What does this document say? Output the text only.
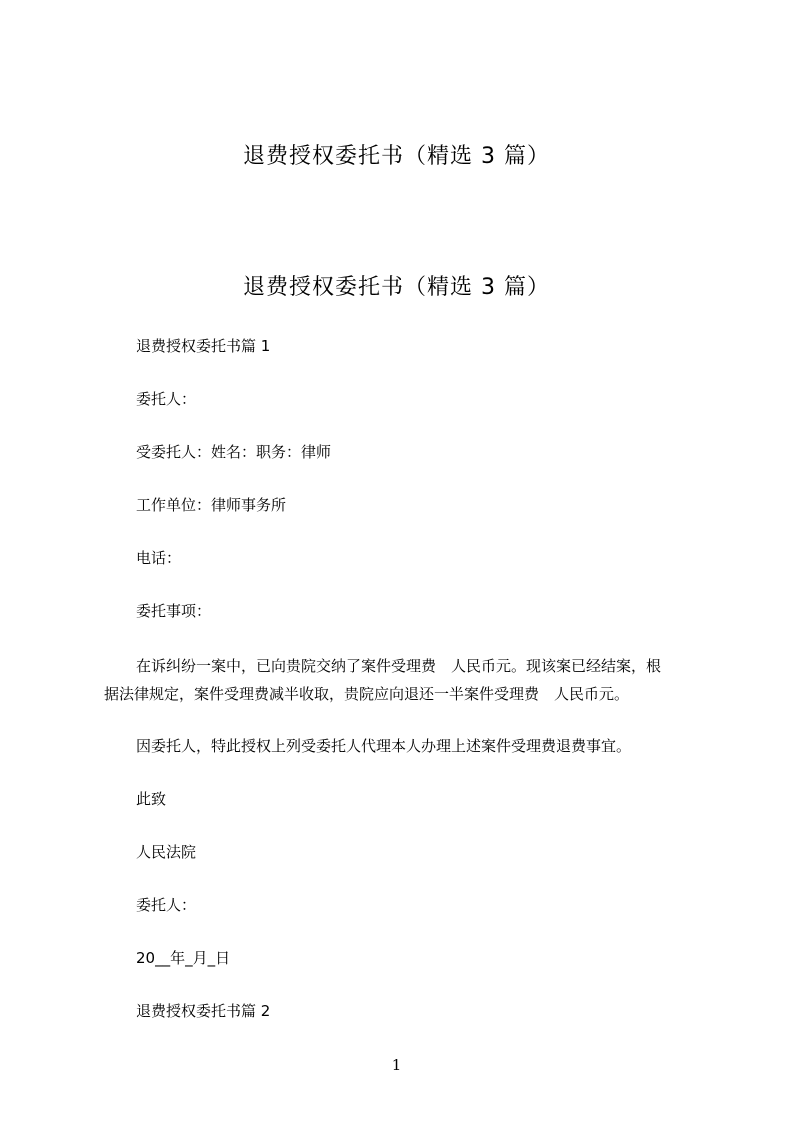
退费授权委托书（精选 3 篇）
退费授权委托书（精选 3 篇）

退费授权委托书篇 1

委托人：

受委托人：姓名：职务：律师

工作单位：律师事务所

电话：

委托事项：

在诉纠纷一案中，已向贵院交纳了案件受理费　人民币元。现该案已经结案，根
据法律规定，案件受理费减半收取，贵院应向退还一半案件受理费　人民币元。

因委托人，特此授权上列受委托人代理本人办理上述案件受理费退费事宜。

此致

人民法院

委托人：

20__年_月_日

退费授权委托书篇 2

1
